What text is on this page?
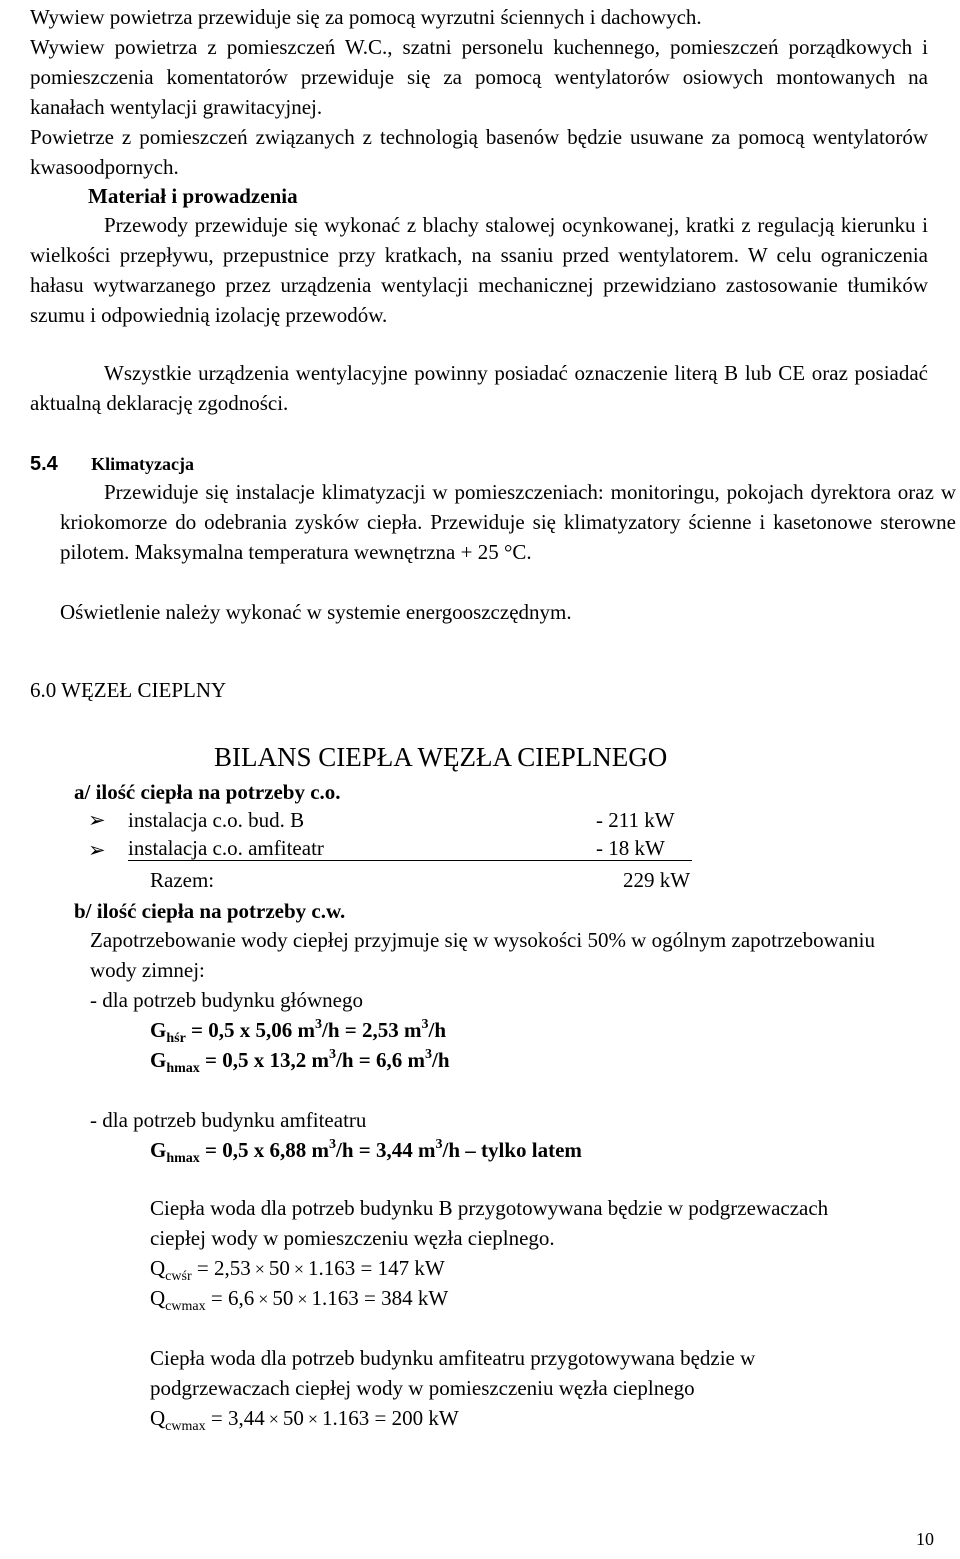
Wywiew powietrza przewiduje się za pomocą wyrzutni ściennych i dachowych.
Wywiew powietrza z pomieszczeń W.C., szatni personelu kuchennego, pomieszczeń porządkowych i pomieszczenia komentatorów przewiduje się za pomocą wentylatorów osiowych montowanych na kanałach wentylacji grawitacyjnej.
Powietrze z pomieszczeń związanych z technologią basenów będzie usuwane za pomocą wentylatorów kwasoodpornych.
Materiał i prowadzenia
Przewody przewiduje się wykonać z blachy stalowej ocynkowanej, kratki z regulacją kierunku i wielkości przepływu, przepustnice przy kratkach, na ssaniu przed wentylatorem. W celu ograniczenia hałasu wytwarzanego przez urządzenia wentylacji mechanicznej przewidziano zastosowanie tłumików szumu i odpowiednią izolację przewodów.
Wszystkie urządzenia wentylacyjne powinny posiadać oznaczenie literą B lub CE oraz posiadać aktualną deklarację zgodności.
5.4 Klimatyzacja
Przewiduje się instalacje klimatyzacji w pomieszczeniach: monitoringu, pokojach dyrektora oraz w kriokomorze do odebrania zysków ciepła. Przewiduje się klimatyzatory ścienne i kasetonowe sterowne pilotem. Maksymalna temperatura wewnętrzna + 25 °C.
Oświetlenie należy wykonać w systemie energooszczędnym.
6.0 WĘZEŁ CIEPLNY
BILANS CIEPŁA WĘZŁA CIEPLNEGO
a/ ilość ciepła na potrzeby c.o.
➢ instalacja c.o. bud. B	- 211 kW
➢ instalacja c.o. amfiteatr	- 18 kW
Razem:	229 kW
b/ ilość ciepła na potrzeby c.w.
Zapotrzebowanie wody ciepłej przyjmuje się w wysokości 50% w ogólnym zapotrzebowaniu wody zimnej:
- dla potrzeb budynku głównego
$G_{hśr} = 0,5$ x 5,06 $m^3/h = 2,53$ $m^3/h$
$G_{hmax} = 0,5$ x 13,2 $m^3/h = 6,6$ $m^3/h$
- dla potrzeb budynku amfiteatru
$G_{hmax} = 0,5$ x 6,88 $m^3/h = 3,44$ $m^3/h$ – tylko latem
Ciepła woda dla potrzeb budynku B przygotowywana będzie w podgrzewaczach ciepłej wody w pomieszczeniu węzła cieplnego.
$Q_{cwśr} = 2,53 \times 50 \times 1.163 = 147$ kW
$Q_{cwmax} = 6,6 \times 50 \times 1.163 = 384$ kW
Ciepła woda dla potrzeb budynku amfiteatru przygotowywana będzie w podgrzewaczach ciepłej wody w pomieszczeniu węzła cieplnego
$Q_{cwmax} = 3,44 \times 50 \times 1.163 = 200$ kW
10
